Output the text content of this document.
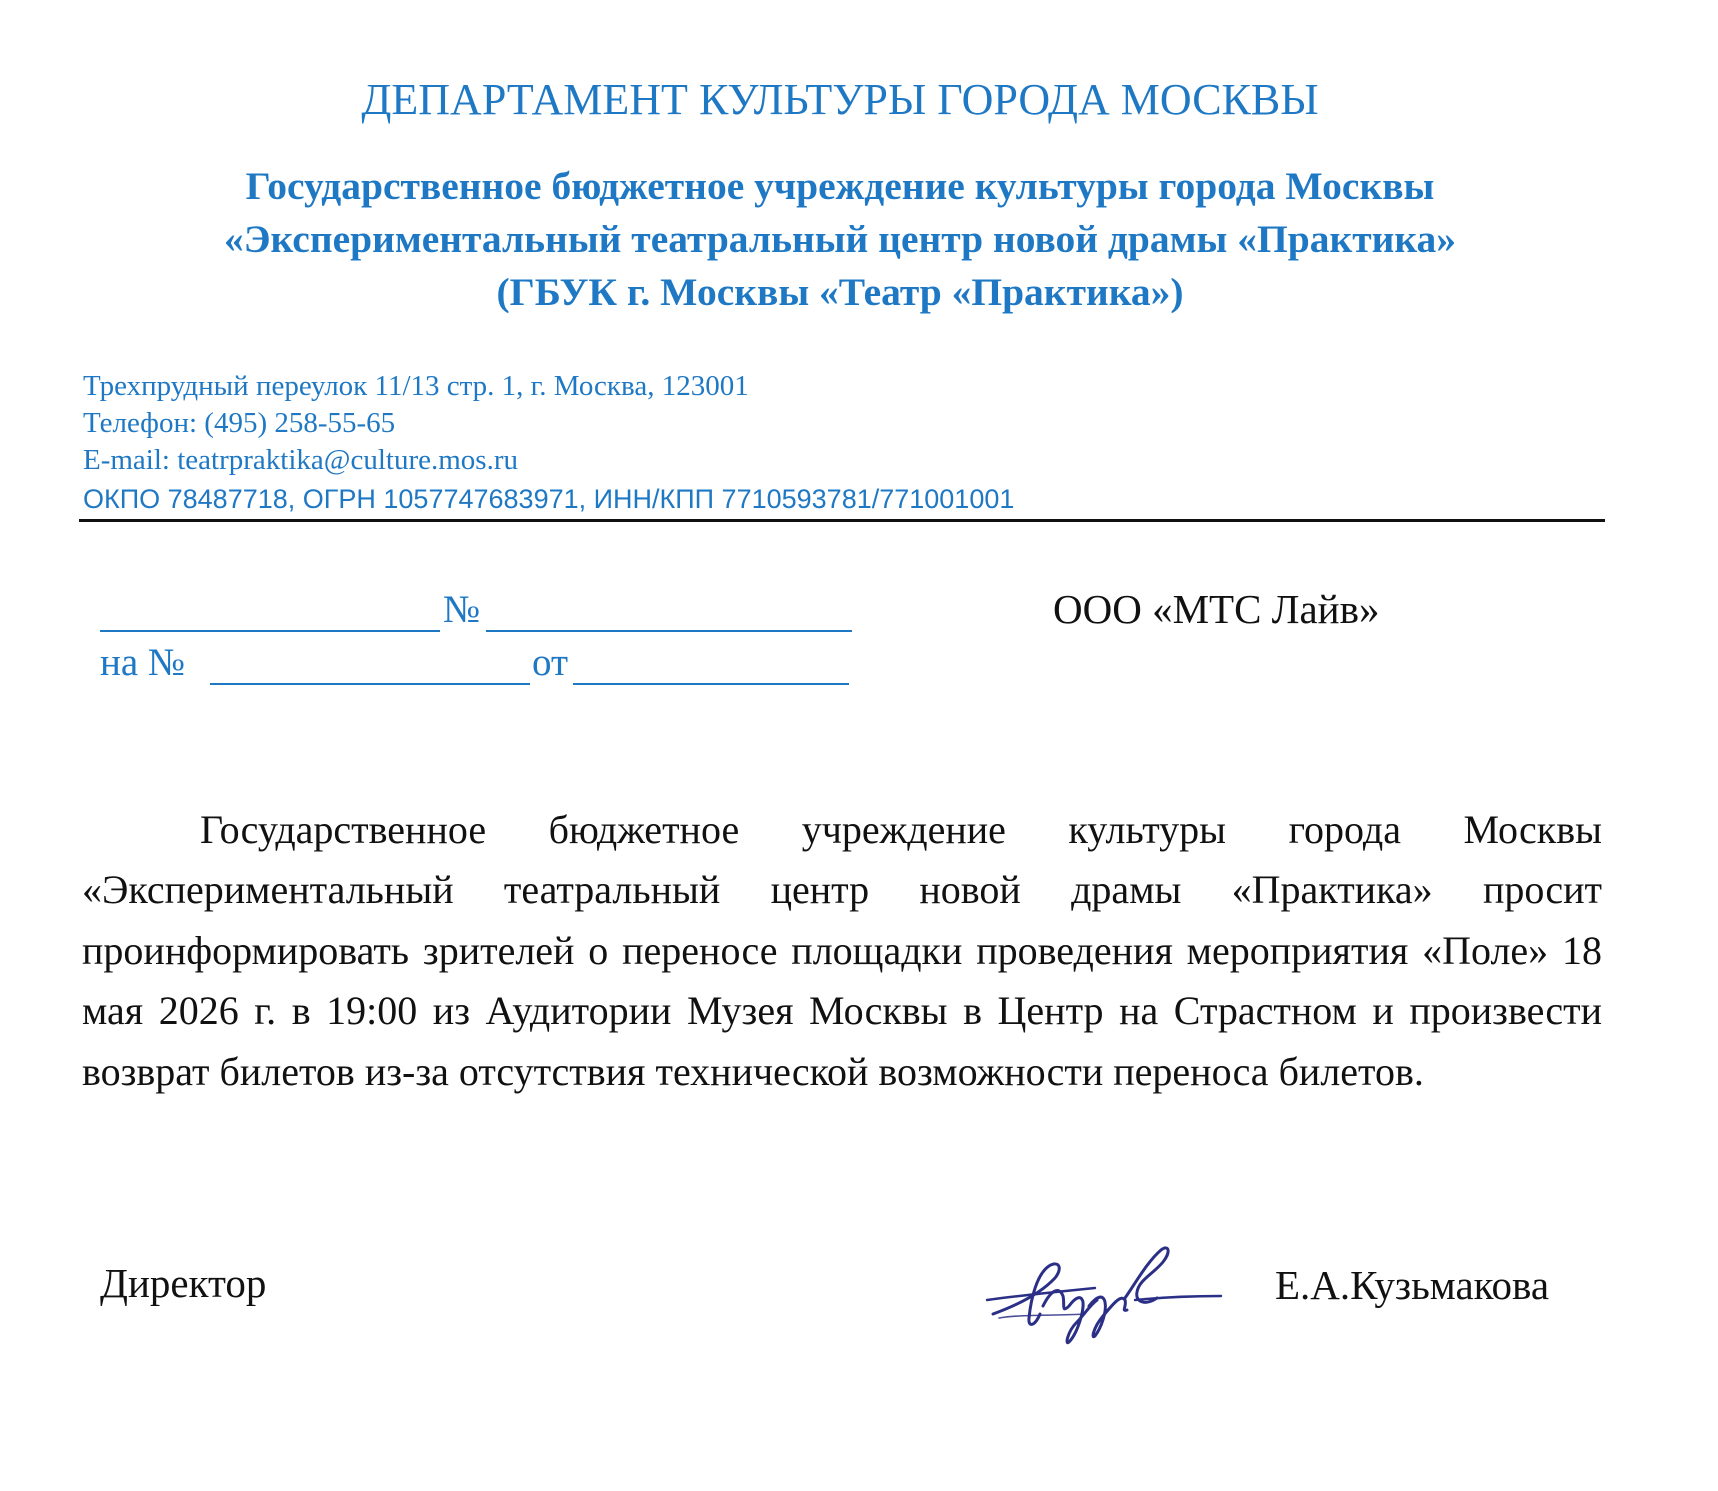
ДЕПАРТАМЕНТ КУЛЬТУРЫ ГОРОДА МОСКВЫ
Государственное бюджетное учреждение культуры города Москвы
«Экспериментальный театральный центр новой драмы «Практика»
(ГБУК г. Москвы «Театр «Практика»)
Трехпрудный переулок 11/13 стр. 1, г. Москва, 123001
Телефон: (495) 258-55-65
E-mail: teatrpraktika@culture.mos.ru
ОКПО 78487718, ОГРН 1057747683971, ИНН/КПП 7710593781/771001001
№
на №	от
ООО «МТС Лайв»

Государственное бюджетное учреждение культуры города Москвы «Экспериментальный театральный центр новой драмы «Практика» просит проинформировать зрителей о переносе площадки проведения мероприятия «Поле» 18 мая 2026 г. в 19:00 из Аудитории Музея Москвы в Центр на Страстном и произвести возврат билетов из-за отсутствия технической возможности переноса билетов.

Директор	Е.А.Кузьмакова
